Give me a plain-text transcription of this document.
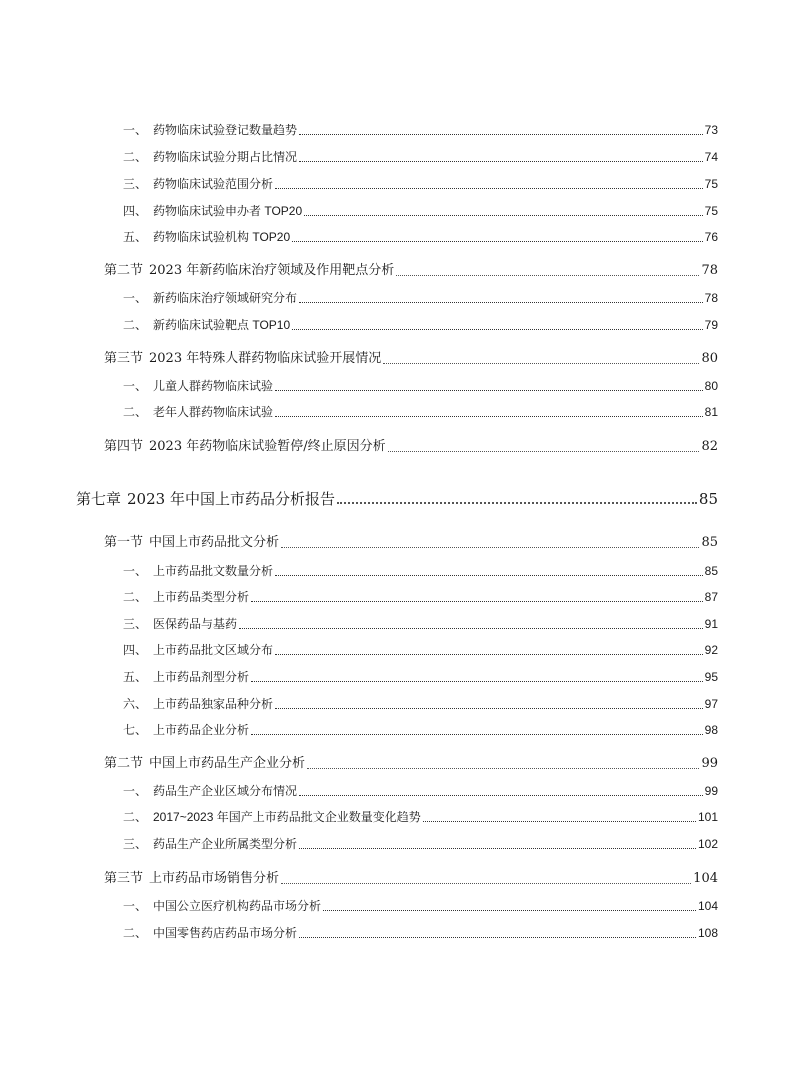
一、 药物临床试验登记数量趋势	73
二、 药物临床试验分期占比情况	74
三、 药物临床试验范围分析	75
四、 药物临床试验申办者 TOP20	75
五、 药物临床试验机构 TOP20	76
第二节 2023 年新药临床治疗领域及作用靶点分析	78
一、 新药临床治疗领域研究分布	78
二、 新药临床试验靶点 TOP10	79
第三节 2023 年特殊人群药物临床试验开展情况	80
一、 儿童人群药物临床试验	80
二、 老年人群药物临床试验	81
第四节 2023 年药物临床试验暂停/终止原因分析	82
第七章 2023 年中国上市药品分析报告	85
第一节 中国上市药品批文分析	85
一、 上市药品批文数量分析	85
二、 上市药品类型分析	87
三、 医保药品与基药	91
四、 上市药品批文区域分布	92
五、 上市药品剂型分析	95
六、 上市药品独家品种分析	97
七、 上市药品企业分析	98
第二节 中国上市药品生产企业分析	99
一、 药品生产企业区域分布情况	99
二、 2017~2023 年国产上市药品批文企业数量变化趋势	101
三、 药品生产企业所属类型分析	102
第三节 上市药品市场销售分析	104
一、 中国公立医疗机构药品市场分析	104
二、 中国零售药店药品市场分析	108
